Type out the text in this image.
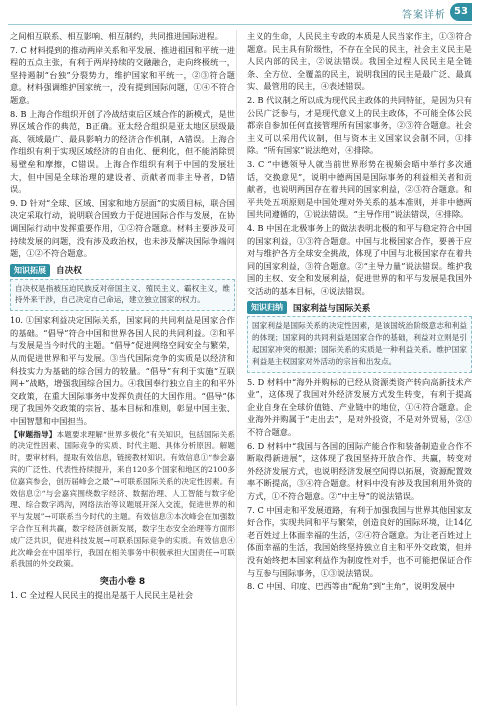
答案详析 53

之间相互联系、相互影响、相互制约，共同推进国际进程。

7. C 材料提到的推动两岸关系和平发展、推进祖国和平统一进程的五点主张，有利于两岸持续的交融融合，走向终极统一，坚持遏制“台独”分裂势力，维护国家和平统一，②③符合题意。材料强调维护国家统一，没有提到国际问题，①④不符合题意。

8. B 上海合作组织开创了冷战结束后区域合作的新模式，是世界区域合作的典范，B正确。亚太经合组织是亚太地区层级最高、领域最广、最具影响力的经济合作机制，A错误。上海合作组织有利于实现区域经济的自由化、便利化，但不能消除贸易壁垒和摩擦，C错误。上海合作组织有利于中国的发展壮大，但中国是全球治理的建设者、贡献者而非主导者，D错误。

9. D 针对“全球、区域、国家和地方层面”的实质目标，联合国决定采取行动，说明联合国致力于促进国际合作与发展，在协调国际行动中发挥重要作用，①②符合题意。材料主要涉及可持续发展的问题，没有涉及政治权，也未涉及解决国际争端问题，①②不符合题意。

知识拓展	自决权

自决权是指被压迫民族反对帝国主义、殖民主义、霸权主义，维持外来干涉，自己决定自己命运，建立独立国家的权力。

10. ①国家利益决定国际关系，国家间的共同利益是国家合作的基础。“倡导”符合中国和世界各国人民的共同利益。②和平与发展是当今时代的主题。“倡导”促进网络空间安全与繁荣，从而促进世界和平与发展。③当代国际竞争的实质是以经济和科技实力为基础的综合国力的较量。“倡导”有利于实施“互联网+”战略，增强我国综合国力。④我国奉行独立自主的和平外交政策，在重大国际事务中发挥负责任的大国作用。“倡导”体现了我国外交政策的宗旨、基本目标和准则，彰显中国主张、中国智慧和中国担当。

【审题指导】本题要求理解“世界多极化”有关知识，包括国际关系的决定性因素、国际竞争的实质、时代主题、具体分析原因。解题时，要审材料，提取有效信息，链接教材知识。有效信息①“参会嘉宾的广泛性、代表性持续提升，来自120多个国家和地区的2100多位嘉宾参会，创历届峰会之最”→可联系国际关系的决定性因素。有效信息②“与会嘉宾围绕数字经济、数据治理、人工智能与数字伦理、综合数字鸿沟，网络法治等议题展开深入交流，促进世界的和平与发展”→可联系当今时代的主题。有效信息③本次峰会在加强数字合作互利共赢，数字经济创新发展，数字生态安全治理等方面形成广泛共识，促进科技发展→可联系国际竞争的实质。有效信息④此次峰会在中国举行，我国在相关事务中积极承担大国责任→可联系我国的外交政策。

突击小卷 8

1. C 全过程人民民主的提出是基于人民民主是社会

主义的生命，人民民主专政的本质是人民当家作主，①③符合题意。民主具有阶级性，不存在全民的民主，社会主义民主是人民内部的民主，②说法错误。我国全过程人民民主是全链条、全方位、全覆盖的民主，说明我国的民主是最广泛、最真实、最管用的民主，④表述错误。

2. B 代议制之所以成为现代民主政体的共同特征，是因为只有公民广泛参与，才是现代意义上的民主政体，不可能全体公民都亲自参加任何直接管理所有国家事务，②③符合题意。社会主义可以采用代议制，但与资本主义国家议会制不同，①排除。“所有国家”说法绝对，④排除。

3. C “中德领导人就当前世界形势在视频会晤中举行多次通话，交换意见”，说明中德两国是国际事务的利益相关者和贡献者，也说明两国存在着共同的国家利益，②③符合题意。和平共处五项原则是中国处理对外关系的基本准则，并非中德两国共同遵循的，①说法错误。“主导作用”说法错误，④排除。

4. B 中国在北极事务上的做法表明北极的和平与稳定符合中国的国家利益，①③符合题意。中国与北极国家合作，要善于应对与维护各方全球安全挑战，体现了中国与北极国家存在着共同的国家利益，③符合题意。②“主导力量”说法错误。维护我国的主权、安全和发展利益，促进世界的和平与发展是我国外交活动的基本目标，④说法错误。

知识归纳	国家利益与国际关系

国家利益是国际关系的决定性因素，是该国统治阶级意志和利益的体现；国家间的共同利益是国家合作的基础，利益对立则是引起国家冲突的根源；国际关系的实质是一种利益关系。维护国家利益是主权国家对外活动的宗旨和出发点。

5. D 材料中“海外并购标的已经从资源类资产转向高新技术产业”，这体现了我国对外经济发展方式发生转变，有利于提高企业自身在全球价值链、产业链中的地位，①④符合题意。企业海外并购属于“走出去”，是对外投资，不是对外贸易，②③不符合题意。

6. D 材料中“我国与各国的国际产能合作和装备制造业合作不断取得新进展”，这体现了我国坚持开放合作、共赢，转变对外经济发展方式，也说明经济发展空间得以拓展，资源配置效率不断提高，③④符合题意。材料中没有涉及我国利用外资的方式，①不符合题意。②“中主导”的说法错误。

7. C 中国走和平发展道路，有利于加强我国与世界其他国家友好合作，实现共同和平与繁荣，创造良好的国际环境，让14亿老百姓过上体面幸福的生活，②④符合题意。为让老百姓过上体面幸福的生活，我国始终坚持独立自主和平外交政策，但并没有始终把本国家利益作为制度性对手，也不可能把保证合作与互参与国际事务，①③说法错误。

8. C 中国、印度、巴西等由“配角”到“主角”，说明发展中
